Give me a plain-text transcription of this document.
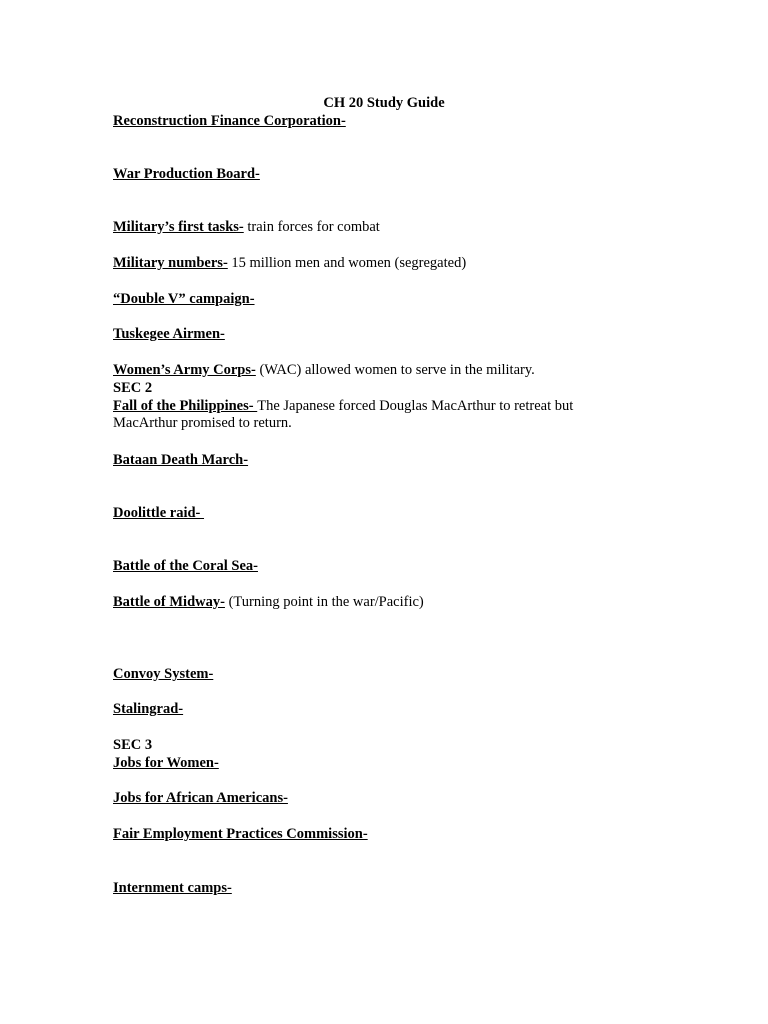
CH 20 Study Guide
Reconstruction Finance Corporation-
War Production Board-
Military’s first tasks- train forces for combat
Military numbers- 15 million men and women (segregated)
“Double V” campaign-
Tuskegee Airmen-
Women’s Army Corps- (WAC) allowed women to serve in the military.
SEC 2
Fall of the Philippines- The Japanese forced Douglas MacArthur to retreat but
MacArthur promised to return.
Bataan Death March-
Doolittle raid-
Battle of the Coral Sea-
Battle of Midway- (Turning point in the war/Pacific)
Convoy System-
Stalingrad-
SEC 3
Jobs for Women-
Jobs for African Americans-
Fair Employment Practices Commission-
Internment camps-
